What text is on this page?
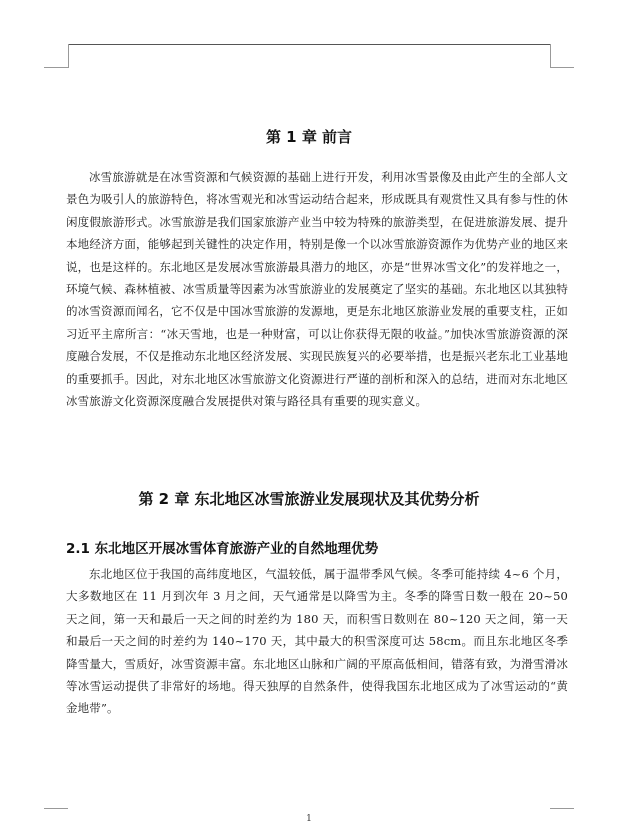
第 1 章 前言

冰雪旅游就是在冰雪资源和气候资源的基础上进行开发，利用冰雪景像及由此产生的全部人文景色为吸引人的旅游特色，将冰雪观光和冰雪运动结合起来，形成既具有观赏性又具有参与性的休闲度假旅游形式。冰雪旅游是我们国家旅游产业当中较为特殊的旅游类型，在促进旅游发展、提升本地经济方面，能够起到关键性的决定作用，特别是像一个以冰雪旅游资源作为优势产业的地区来说，也是这样的。东北地区是发展冰雪旅游最具潜力的地区，亦是“世界冰雪文化”的发祥地之一，环境气候、森林植被、冰雪质量等因素为冰雪旅游业的发展奠定了坚实的基础。东北地区以其独特的冰雪资源而闻名，它不仅是中国冰雪旅游的发源地，更是东北地区旅游业发展的重要支柱，正如习近平主席所言：“冰天雪地，也是一种财富，可以让你获得无限的收益。”加快冰雪旅游资源的深度融合发展，不仅是推动东北地区经济发展、实现民族复兴的必要举措，也是振兴老东北工业基地的重要抓手。因此，对东北地区冰雪旅游文化资源进行严谨的剖析和深入的总结，进而对东北地区冰雪旅游文化资源深度融合发展提供对策与路径具有重要的现实意义。

第 2 章 东北地区冰雪旅游业发展现状及其优势分析
2.1 东北地区开展冰雪体育旅游产业的自然地理优势

东北地区位于我国的高纬度地区，气温较低，属于温带季风气候。冬季可能持续 4~6 个月，大多数地区在 11 月到次年 3 月之间，天气通常是以降雪为主。冬季的降雪日数一般在 20~50 天之间，第一天和最后一天之间的时差约为 180 天，而积雪日数则在 80~120 天之间，第一天和最后一天之间的时差约为 140~170 天，其中最大的积雪深度可达 58cm。而且东北地区冬季降雪量大，雪质好，冰雪资源丰富。东北地区山脉和广阔的平原高低相间，错落有致，为滑雪滑冰等冰雪运动提供了非常好的场地。得天独厚的自然条件，使得我国东北地区成为了冰雪运动的“黄金地带”。

1
